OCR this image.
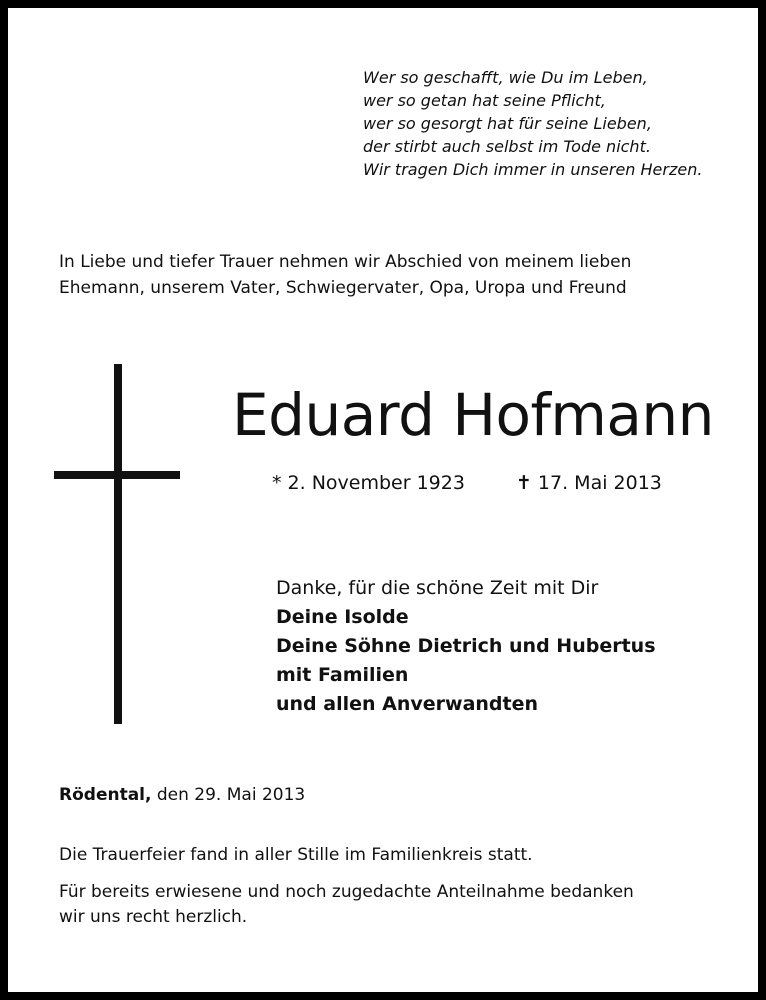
Wer so geschafft, wie Du im Leben,
wer so getan hat seine Pflicht,
wer so gesorgt hat für seine Lieben,
der stirbt auch selbst im Tode nicht.
Wir tragen Dich immer in unseren Herzen.
In Liebe und tiefer Trauer nehmen wir Abschied von meinem lieben
Ehemann, unserem Vater, Schwiegervater, Opa, Uropa und Freund
Eduard Hofmann
* 2. November 1923	✝ 17. Mai 2013
Danke, für die schöne Zeit mit Dir
Deine Isolde
Deine Söhne Dietrich und Hubertus
mit Familien
und allen Anverwandten
Rödental, den 29. Mai 2013
Die Trauerfeier fand in aller Stille im Familienkreis statt.
Für bereits erwiesene und noch zugedachte Anteilnahme bedanken
wir uns recht herzlich.
